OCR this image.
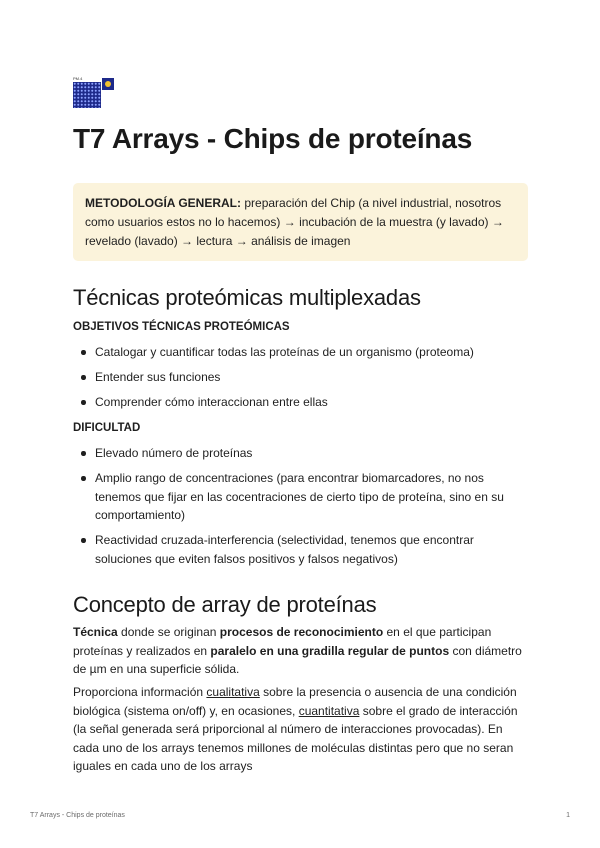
PM.4
T7 Arrays - Chips de proteínas
METODOLOGÍA GENERAL: preparación del Chip (a nivel industrial, nosotros como usuarios estos no lo hacemos) → incubación de la muestra (y lavado) → revelado (lavado) → lectura → análisis de imagen
Técnicas proteómicas multiplexadas
OBJETIVOS TÉCNICAS PROTEÓMICAS
Catalogar y cuantificar todas las proteínas de un organismo (proteoma)
Entender sus funciones
Comprender cómo interaccionan entre ellas
DIFICULTAD
Elevado número de proteínas
Amplio rango de concentraciones (para encontrar biomarcadores, no nos tenemos que fijar en las cocentraciones de cierto tipo de proteína, sino en su comportamiento)
Reactividad cruzada-interferencia (selectividad, tenemos que encontrar soluciones que eviten falsos positivos y falsos negativos)
Concepto de array de proteínas

Técnica donde se originan procesos de reconocimiento en el que participan proteínas y realizados en paralelo en una gradilla regular de puntos con diámetro de µm en una superficie sólida.

Proporciona información cualitativa sobre la presencia o ausencia de una condición biológica (sistema on/off) y, en ocasiones, cuantitativa sobre el grado de interacción (la señal generada será priporcional al número de interacciones provocadas). En cada uno de los arrays tenemos millones de moléculas distintas pero que no seran iguales en cada uno de los arrays

T7 Arrays - Chips de proteínas	1
